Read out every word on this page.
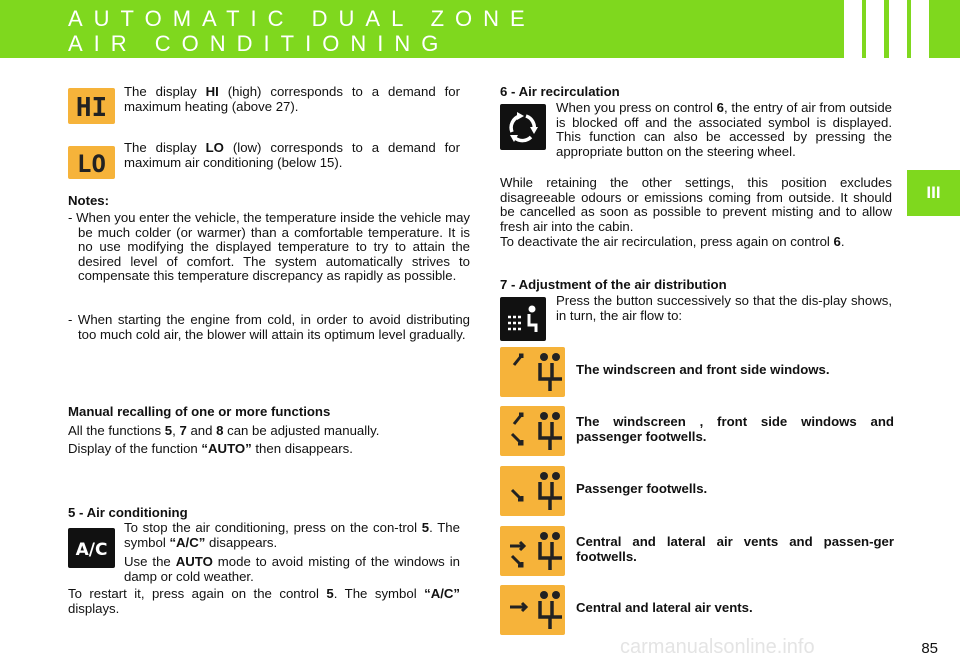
AUTOMATIC DUAL ZONE
AIR CONDITIONING
III
HI
The display HI (high) corresponds to a demand for maximum heating (above 27).
LO
The display LO (low) corresponds to a demand for maximum air conditioning (below 15).
Notes:
- When you enter the vehicle, the temperature inside the vehicle may be much colder (or warmer) than a comfortable temperature. It is no use modifying the displayed temperature to try to attain the desired level of comfort. The system automatically strives to compensate this temperature discrepancy as rapidly as possible.
- When starting the engine from cold, in order to avoid distributing too much cold air, the blower will attain its optimum level gradually.
Manual recalling of one or more functions
All the functions 5, 7 and 8 can be adjusted manually.
Display of the function “AUTO” then disappears.
5 - Air conditioning
A/C
To stop the air conditioning, press on the con-trol 5. The symbol “A/C” disappears.
Use the AUTO mode to avoid misting of the windows in damp or cold weather.
To restart it, press again on the control 5. The symbol “A/C” displays.
6 - Air recirculation
When you press on control 6, the entry of air from outside is blocked off and the associated symbol is displayed. This function can also be accessed by pressing the appropriate button on the steering wheel.
While retaining the other settings, this position excludes disagreeable odours or emissions coming from outside. It should be cancelled as soon as possible to prevent misting and to allow fresh air into the cabin.
To deactivate the air recirculation, press again on control 6.
7 - Adjustment of the air distribution
Press the button successively so that the dis-play shows, in turn, the air flow to:
The windscreen and front side windows.
The windscreen , front side windows and passenger footwells.
Passenger footwells.
Central and lateral air vents and passen-ger footwells.
Central and lateral air vents.
85
carmanualsonline.info
